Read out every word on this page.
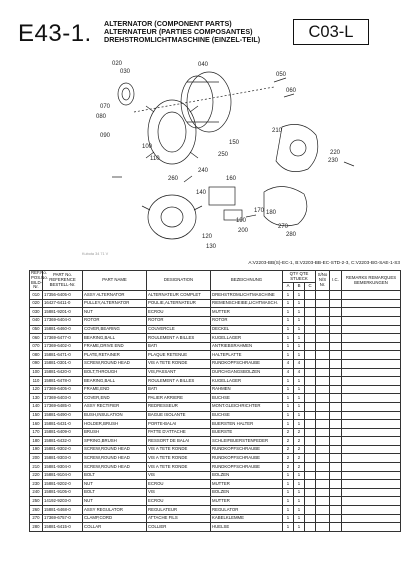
E43-1. ALTERNATOR (COMPONENT PARTS)
ALTERNATEUR (PARTIES COMPOSANTES)
DREHSTROMLICHTMASCHINE (EINZEL-TEIL)	C03-L
020
030
040
050
060
070
080
090
100
110
120
130
140
150
160
170 180
190
200
210
220
230
240
250
260
270
280
Kubota 34 71 V
A:V2203-BB(S)-EC-1, B:V2203-BB-EC-STD-2-3, C:V2203-BG-SAE-1-S3
REF.No. POS.No. BILD-Nr.	PART No. REFERENCE BESTELL-Nr.	PART NAME	DESIGNATION	BEZEICHNUNG	QTY QTE STUECK			S/No N/S Nr.	I.C.	REMARKS REMARQUES BEMERKUNGEN
					A	B	C			
010	17356-6405-0	ASSY ALTERNATOR	ALTERNATEUR COMPLET	DREHSTROMLICHTMASCHINE	1	1				
020	16427-6411-0	PULLEY,ALTERNATOR	POULIE,ALTERNATEUR	RIEMENSCHEIBE,LICHTMASCH.	1	1				
030	15881-9201-0	NUT	ECROU	MUTTER	1	1				
040	17369-6404-0	ROTOR	ROTOR	ROTOR	1	1				
050	15881-6460-0	COVER,BEARING	COUVERCLE	DECKEL	1	1				
060	17369-6477-0	BEARING,BALL	ROULEMENT A BILLES	KUGELLAGER	1	1				
070	17369-6402-0	FRAME,DRIVE END	BATI	ANTRIEBSRAHMEN	1	1				
080	15881-6471-0	PLATE,RETAINER	PLAQUE RETENUE	HALTEPLATTE	1	1				
090	15881-0301-0	SCREW,ROUND HEAD	VIS A TETE RONDE	RUNDKOPFSCHRAUBE	4	4				
100	15881-6420-0	BOLT,THROUGH	VIS,PASSANT	DURCHGANGSBOLZEN	4	4				
110	15881-6478-0	BEARING,BALL	ROULEMENT A BILLES	KUGELLAGER	1	1				
120	17369-6405-0	FRAME,END	BATI	RAHMEN	1	1				
130	17369-6403-0	COVER,END	PALIER ARRIERE	BUCHSE	1	1				
140	17369-6485-0	ASSY RECTIFIER	REDRESSEUR	MONT.GLEICHRICHTER	1	1				
150	15881-6490-0	BUSH,INSULATION	BAGUE ISOLANTE	BUCHSE	1	1				
160	15881-6431-0	HOLDER,BRUSH	PORTE-BALAI	BUERSTEN HALTER	1	1				
170	15881-6409-0	BRUSH	PATTE D'ATTACHE	BUERSTE	2	2				
180	15881-6432-0	SPRING,BRUSH	RESSORT DE BALAI	SCHLEIFBUERSTENFEDER	2	2				
190	15881-9302-0	SCREW,ROUND HEAD	VIS A TETE RONDE	RUNDKOPFSCHRAUBE	2	2				
200	15881-9303-0	SCREW,ROUND HEAD	VIS A TETE RONDE	RUNDKOPFSCHRAUBE	2	2				
210	15881-9304-0	SCREW,ROUND HEAD	VIS A TETE RONDE	RUNDKOPFSCHRAUBE	2	2				
220	15881-9104-0	BOLT	VIS	BOLZEN	1	1				
230	15881-9202-0	NUT	ECROU	MUTTER	1	1				
240	15881-9105-0	BOLT	VIS	BOLZEN	1	1				
250	14192-9203-0	NUT	ECROU	MUTTER	1	1				
260	15881-6468-0	ASSY REGULATOR	REGULATEUR	REGULATOR	1	1				
270	17369-6757-0	CLAMP,CORD	ATTACHE FILS	KABELKLEMME	1	1				
280	15881-6415-0	COLLAR	COLLIER	HUELSE	1	1				
